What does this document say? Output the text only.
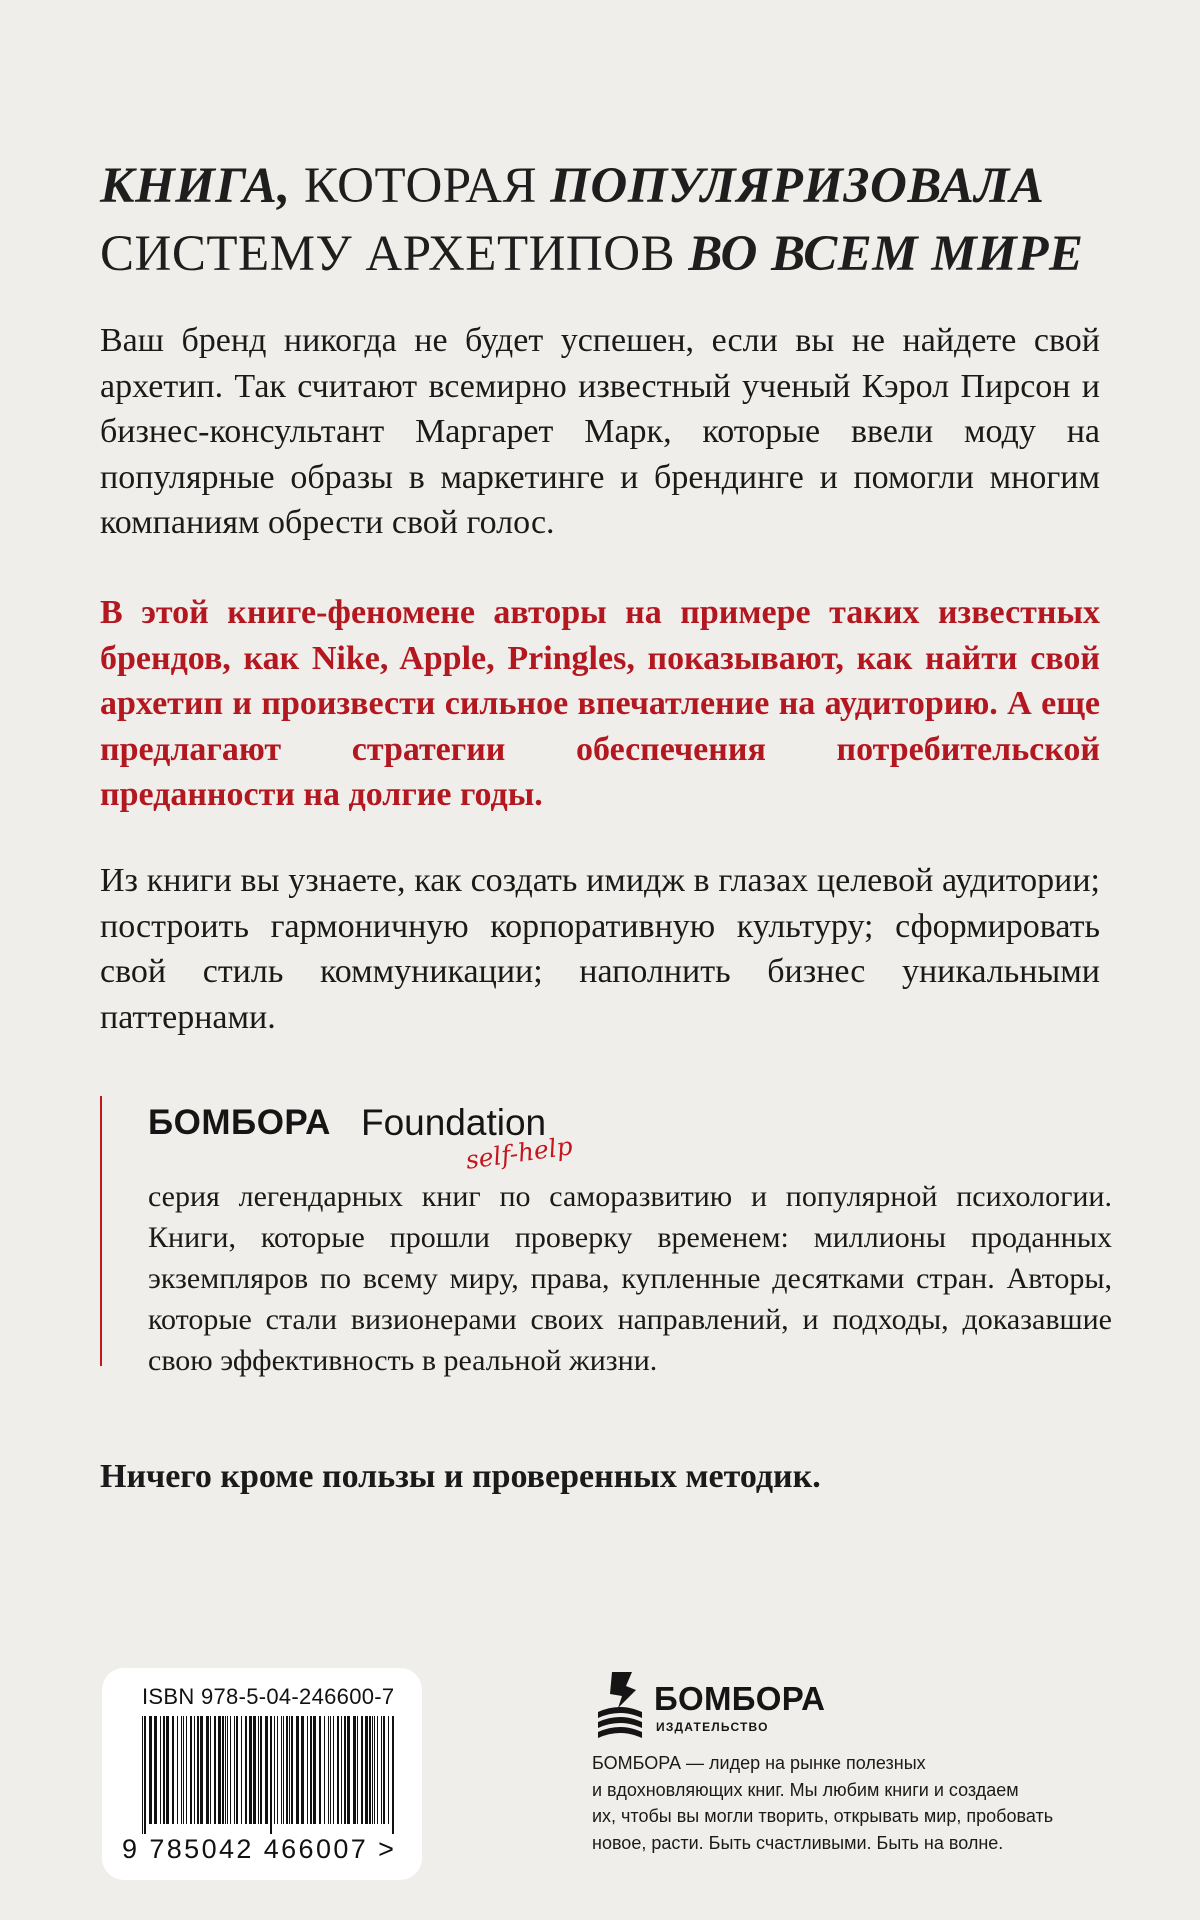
КНИГА, КОТОРАЯ ПОПУЛЯРИЗОВАЛА
СИСТЕМУ АРХЕТИПОВ ВО ВСЕМ МИРЕ

Ваш бренд никогда не будет успешен, если вы не найдете свой архетип. Так считают всемирно известный ученый Кэрол Пирсон и бизнес-консультант Маргарет Марк, которые ввели моду на популярные образы в маркетинге и брендинге и помогли многим компаниям обрести свой голос.

В этой книге-феномене авторы на примере таких известных брендов, как Nike, Apple, Pringles, показывают, как найти свой архетип и произвести сильное впечатление на аудиторию. А еще предлагают стратегии обеспечения потребительской преданности на долгие годы.

Из книги вы узнаете, как создать имидж в глазах целевой аудитории; построить гармоничную корпоративную культуру; сформировать свой стиль коммуникации; наполнить бизнес уникальными паттернами.

БОМБОРА Foundation
self-help

серия легендарных книг по саморазвитию и популярной психологии. Книги, которые прошли проверку временем: миллионы проданных экземпляров по всему миру, права, купленные десятками стран. Авторы, которые стали визионерами своих направлений, и подходы, доказавшие свою эффективность в реальной жизни.

Ничего кроме пользы и проверенных методик.

ISBN 978-5-04-246600-7
9 785042 466007 >
БОМБОРА
ИЗДАТЕЛЬСТВО

БОМБОРА — лидер на рынке полезных
и вдохновляющих книг. Мы любим книги и создаем
их, чтобы вы могли творить, открывать мир, пробовать
новое, расти. Быть счастливыми. Быть на волне.
